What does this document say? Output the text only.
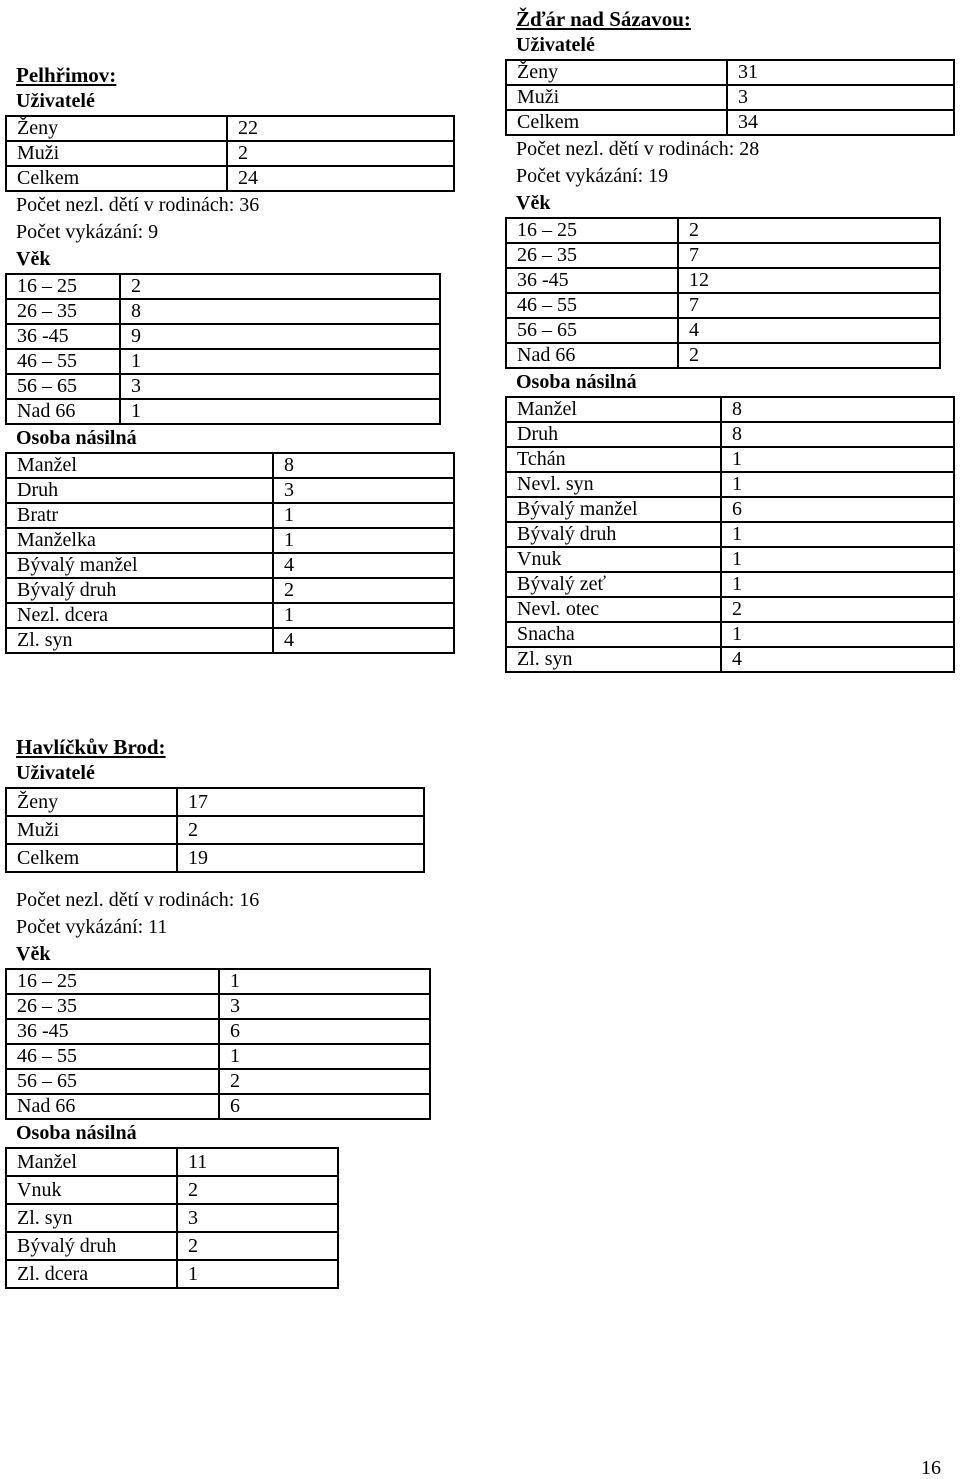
Pelhřimov:
Uživatelé
Ženy	22
Muži	2
Celkem	24
Počet nezl. dětí v rodinách: 36
Počet vykázání: 9
Věk
16 – 25	2
26 – 35	8
36 -45	9
46 – 55	1
56 – 65	3
Nad 66	1
Osoba násilná
Manžel	8
Druh	3
Bratr	1
Manželka	1
Bývalý manžel	4
Bývalý druh	2
Nezl. dcera	1
Zl. syn	4
Žďár nad Sázavou:
Uživatelé
Ženy	31
Muži	3
Celkem	34
Počet nezl. dětí v rodinách: 28
Počet vykázání: 19
Věk
16 – 25	2
26 – 35	7
36 -45	12
46 – 55	7
56 – 65	4
Nad 66	2
Osoba násilná
Manžel	8
Druh	8
Tchán	1
Nevl. syn	1
Bývalý manžel	6
Bývalý druh	1
Vnuk	1
Bývalý zeť	1
Nevl. otec	2
Snacha	1
Zl. syn	4
Havlíčkův Brod:
Uživatelé
Ženy	17
Muži	2
Celkem	19
Počet nezl. dětí v rodinách: 16
Počet vykázání: 11
Věk
16 – 25	1
26 – 35	3
36 -45	6
46 – 55	1
56 – 65	2
Nad 66	6
Osoba násilná
Manžel	11
Vnuk	2
Zl. syn	3
Bývalý druh	2
Zl. dcera	1
16
